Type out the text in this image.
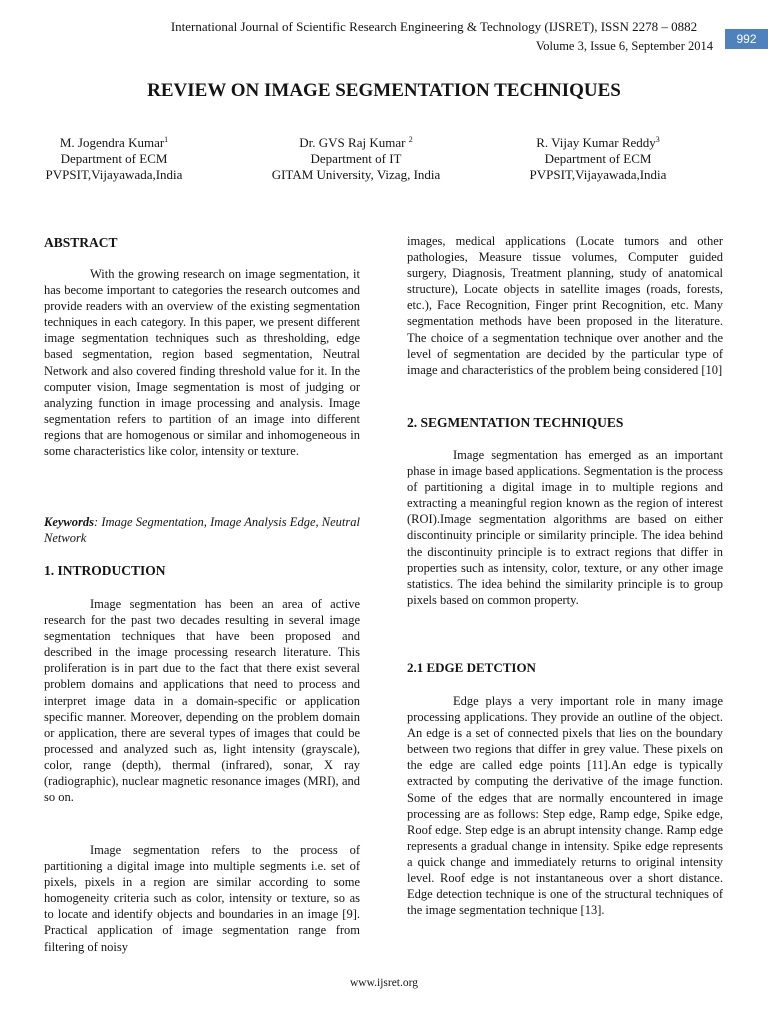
International Journal of Scientific Research Engineering & Technology (IJSRET), ISSN 2278 – 0882

Volume 3, Issue 6, September 2014	992
REVIEW ON IMAGE SEGMENTATION TECHNIQUES
M. Jogendra Kumar$^1$
Department of ECM
PVPSIT,Vijayawada,India
Dr. GVS Raj Kumar $^2$
Department of IT
GITAM University, Vizag, India
R. Vijay Kumar Reddy$^3$
Department of ECM
PVPSIT,Vijayawada,India
ABSTRACT

With the growing research on image segmentation, it has become important to categories the research outcomes and provide readers with an overview of the existing segmentation techniques in each category. In this paper, we present different image segmentation techniques such as thresholding, edge based segmentation, region based segmentation, Neutral Network and also covered finding threshold value for it. In the computer vision, Image segmentation is most of judging or analyzing function in image processing and analysis. Image segmentation refers to partition of an image into different regions that are homogenous or similar and inhomogeneous in some characteristics like color, intensity or texture.

Keywords: Image Segmentation, Image Analysis Edge, Neutral Network

1. INTRODUCTION

Image segmentation has been an area of active research for the past two decades resulting in several image segmentation techniques that have been proposed and described in the image processing research literature. This proliferation is in part due to the fact that there exist several problem domains and applications that need to process and interpret image data in a domain-specific or application specific manner. Moreover, depending on the problem domain or application, there are several types of images that could be processed and analyzed such as, light intensity (grayscale), color, range (depth), thermal (infrared), sonar, X ray (radiographic), nuclear magnetic resonance images (MRI), and so on.

Image segmentation refers to the process of partitioning a digital image into multiple segments i.e. set of pixels, pixels in a region are similar according to some homogeneity criteria such as color, intensity or texture, so as to locate and identify objects and boundaries in an image [9]. Practical application of image segmentation range from filtering of noisy

images, medical applications (Locate tumors and other pathologies, Measure tissue volumes, Computer guided surgery, Diagnosis, Treatment planning, study of anatomical structure), Locate objects in satellite images (roads, forests, etc.), Face Recognition, Finger print Recognition, etc. Many segmentation methods have been proposed in the literature. The choice of a segmentation technique over another and the level of segmentation are decided by the particular type of image and characteristics of the problem being considered [10]

2. SEGMENTATION TECHNIQUES

Image segmentation has emerged as an important phase in image based applications. Segmentation is the process of partitioning a digital image in to multiple regions and extracting a meaningful region known as the region of interest (ROI).Image segmentation algorithms are based on either discontinuity principle or similarity principle. The idea behind the discontinuity principle is to extract regions that differ in properties such as intensity, color, texture, or any other image statistics. The idea behind the similarity principle is to group pixels based on common property.

2.1 EDGE DETCTION

Edge plays a very important role in many image processing applications. They provide an outline of the object. An edge is a set of connected pixels that lies on the boundary between two regions that differ in grey value. These pixels on the edge are called edge points [11].An edge is typically extracted by computing the derivative of the image function. Some of the edges that are normally encountered in image processing are as follows: Step edge, Ramp edge, Spike edge, Roof edge. Step edge is an abrupt intensity change. Ramp edge represents a gradual change in intensity. Spike edge represents a quick change and immediately returns to original intensity level. Roof edge is not instantaneous over a short distance. Edge detection technique is one of the structural techniques of the image segmentation technique [13].

www.ijsret.org
